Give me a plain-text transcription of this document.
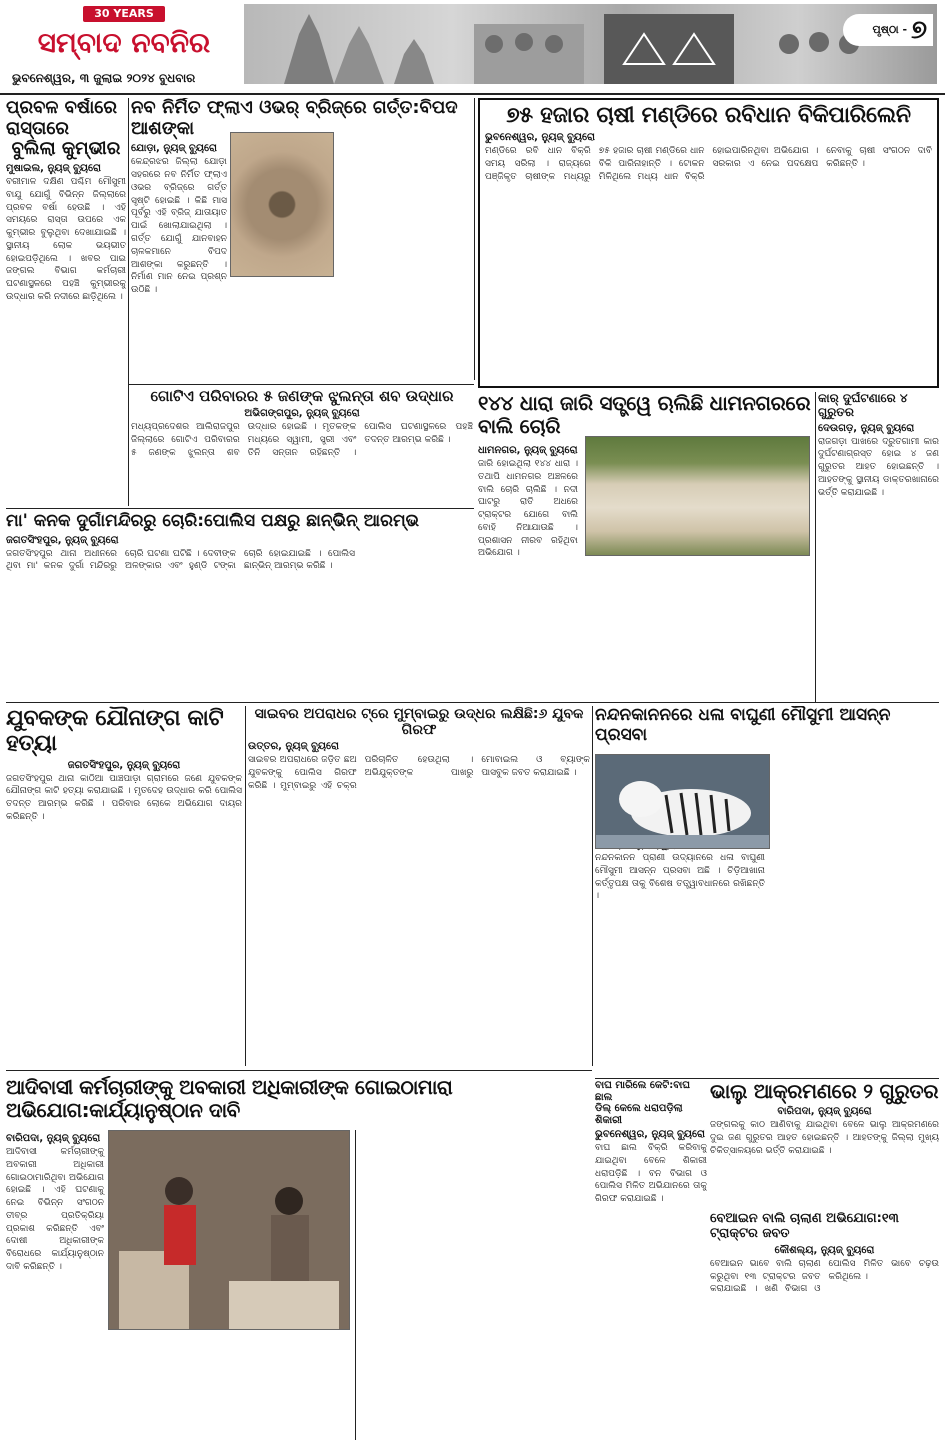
30 YEARS
ସମ୍ବାଦ ନବନିର
ଭୁବନେଶ୍ୱର, ୩ ଜୁଲାଇ ୨୦୨୪ ବୁଧବାର
ପୃଷ୍ଠା - ୭
ପ୍ରବଳ ବର୍ଷାରେ ରାସ୍ତାରେ
ବୁଲିଲା କୁମ୍ଭୀର
ମୁଷାଇଲ, ନ୍ୟୁଜ୍ ବ୍ୟୁରୋ
ବରୀମାଳ ଦକ୍ଷିଣ ପଶ୍ଚିମ ମୌସୁମୀ ବାଯୁ ଯୋଗୁଁ ବିଭିନ୍ନ ଜିଲ୍ଲାରେ ପ୍ରବଳ ବର୍ଷା ହେଉଛି । ଏହି ସମୟରେ ରାସ୍ତା ଉପରେ ଏକ କୁମ୍ଭୀର ବୁଲୁଥିବା ଦେଖାଯାଇଛି । ସ୍ଥାନୀୟ ଲୋକ ଭୟଭୀତ ହୋଇପଡ଼ିଥିଲେ । ଖବର ପାଇ ଜଙ୍ଗଲ ବିଭାଗ କର୍ମଚାରୀ ଘଟଣାସ୍ଥଳରେ ପହଞ୍ଚି କୁମ୍ଭୀରକୁ ଉଦ୍ଧାର କରି ନଦୀରେ ଛାଡ଼ିଥିଲେ ।
ନବ ନିର୍ମିତ ଫ୍ଲାଏ ଓଭର୍ ବ୍ରିଜ୍‌ରେ ଗର୍ତ୍ତ:ବିପଦ ଆଶଙ୍କା
ଯୋଡ଼ା, ନ୍ୟୁଜ୍ ବ୍ୟୁରୋ
କେନ୍ଦ୍ରଝର ଜିଲ୍ଲା ଯୋଡ଼ା ସହରରେ ନବ ନିର୍ମିତ ଫ୍ଲାଏ ଓଭର ବ୍ରିଜ୍‌ରେ ଗର୍ତ୍ତ ସୃଷ୍ଟି ହୋଇଛି । କିଛି ମାସ ପୂର୍ବରୁ ଏହି ବ୍ରିଜ୍ ଯାତାୟାତ ପାଇଁ ଖୋଲାଯାଇଥିଲା । ଗର୍ତ୍ତ ଯୋଗୁଁ ଯାନବାହନ ଚାଳକମାନେ ବିପଦ ଆଶଙ୍କା କରୁଛନ୍ତି । ନିର୍ମାଣ ମାନ ନେଇ ପ୍ରଶ୍ନ ଉଠିଛି ।
୭୫ ହଜାର ଚାଷୀ ମଣ୍ଡିରେ ରବିଧାନ ବିକିପାରିଲେନି
ଭୁବନେଶ୍ୱର, ନ୍ୟୁଜ୍ ବ୍ୟୁରୋ
ମଣ୍ଡିରେ ରବି ଧାନ ବିକ୍ରି ସମୟ ସରିଲା । ରାଜ୍ୟରେ ପଞ୍ଜିକୃତ ଚାଷୀଙ୍କ ମଧ୍ୟରୁ ୭୫ ହଜାର ଚାଷୀ ମଣ୍ଡିରେ ଧାନ ବିକି ପାରିନାହାନ୍ତି । ଟୋକନ ମିଳିଥିଲେ ମଧ୍ୟ ଧାନ ବିକ୍ରି ହୋଇପାରିନଥିବା ଅଭିଯୋଗ । ସରକାର ଏ ନେଇ ପଦକ୍ଷେପ ନେବାକୁ ଚାଷୀ ସଂଗଠନ ଦାବି କରିଛନ୍ତି ।
ଗୋଟିଏ ପରିବାରର ୫ ଜଣଙ୍କ ଝୁଲନ୍ତା ଶବ ଉଦ୍ଧାର
ଅଭିଗଙ୍ଗପୁର, ନ୍ୟୁଜ୍ ବ୍ୟୁରୋ
ମଧ୍ୟପ୍ରଦେଶର ଆଲିରାଜପୁର ଜିଲ୍ଲାରେ ଗୋଟିଏ ପରିବାରର ୫ ଜଣଙ୍କ ଝୁଲନ୍ତା ଶବ ଉଦ୍ଧାର ହୋଇଛି । ମୃତକଙ୍କ ମଧ୍ୟରେ ସ୍ୱାମୀ, ସ୍ତ୍ରୀ ଏବଂ ତିନି ସନ୍ତାନ ରହିଛନ୍ତି । ପୋଲିସ ଘଟଣାସ୍ଥଳରେ ପହଞ୍ଚି ତଦନ୍ତ ଆରମ୍ଭ କରିଛି ।
୧୪୪ ଧାରା ଜାରି ସତ୍ତ୍ୱେ ଋଲିଛି ଧାମନଗରରେ ବାଲି ଚୋରି
ଧାମନଗର, ନ୍ୟୁଜ୍ ବ୍ୟୁରୋ
ଜାରି ହୋଇଥିଲା ୧୪୪ ଧାରା । ତଥାପି ଧାମନଗର ଅଞ୍ଚଳରେ ବାଲି ଚୋରି ଚାଲିଛି । ନଦୀ ଘାଟରୁ ରାତି ଅଧରେ ଟ୍ରାକ୍ଟର ଯୋଗେ ବାଲି ବୋହି ନିଆଯାଉଛି । ପ୍ରଶାସନ ନୀରବ ରହିଥିବା ଅଭିଯୋଗ ।
କାର୍ ଦୁର୍ଘଟଣାରେ ୪ ଗୁରୁତର
ଦେଉଗଡ଼, ନ୍ୟୁଜ୍ ବ୍ୟୁରୋ
ରାଜଗଡ଼ା ପାଖରେ ଦ୍ରୁତଗାମୀ କାର ଦୁର୍ଘଟଣାଗ୍ରସ୍ତ ହୋଇ ୪ ଜଣ ଗୁରୁତର ଆହତ ହୋଇଛନ୍ତି । ଆହତଙ୍କୁ ସ୍ଥାନୀୟ ଡାକ୍ତରଖାନାରେ ଭର୍ତ୍ତି କରାଯାଇଛି ।
ମା' କନକ ଦୁର୍ଗାମନ୍ଦିରରୁ ଚୋରି:ପୋଲିସ ପକ୍ଷରୁ ଛାନ୍‌ଭିନ୍ ଆରମ୍ଭ
ଜଗତସିଂହପୁର, ନ୍ୟୁଜ୍ ବ୍ୟୁରୋ
ଜଗତସିଂହପୁର ଥାନା ଅଧୀନରେ ଥିବା ମା' କନକ ଦୁର୍ଗା ମନ୍ଦିରରୁ ଚୋରି ଘଟଣା ଘଟିଛି । ଦେବୀଙ୍କ ଅଳଙ୍କାର ଏବଂ ହୁଣ୍ଡି ଟଙ୍କା ଚୋରି ହୋଇଯାଇଛି । ପୋଲିସ ଛାନ୍‌ଭିନ୍ ଆରମ୍ଭ କରିଛି ।
ଯୁବକଙ୍କ ଯୌନାଙ୍ଗ କାଟି ହତ୍ୟା
ଜଗତସିଂହପୁର, ନ୍ୟୁଜ୍ ବ୍ୟୁରୋ
ଜଗତସିଂହପୁର ଥାନା କାଠିଆ ପାଞ୍ଚପାଡ଼ା ଗ୍ରାମରେ ଜଣେ ଯୁବକଙ୍କ ଯୌନାଙ୍ଗ କାଟି ହତ୍ୟା କରାଯାଇଛି । ମୃତଦେହ ଉଦ୍ଧାର କରି ପୋଲିସ ତଦନ୍ତ ଆରମ୍ଭ କରିଛି । ପରିବାର ଲୋକେ ଅଭିଯୋଗ ଦାୟର କରିଛନ୍ତି ।
ସାଇବର ଅପରାଧର ଟ୍ରେ ମୁମ୍ବାଇରୁ ଉଦ୍ଧର ଲକ୍ଷିଛି:୬ ଯୁବକ ଗିରଫ
ଉତ୍ତର, ନ୍ୟୁଜ୍ ବ୍ୟୁରୋ
ସାଇବର ଅପରାଧରେ ଜଡ଼ିତ ଛଅ ଯୁବକଙ୍କୁ ପୋଲିସ ଗିରଫ କରିଛି । ମୁମ୍ବାଇରୁ ଏହି ଚକ୍ର ପରିଚାଳିତ ହେଉଥିଲା । ଅଭିଯୁକ୍ତଙ୍କ ପାଖରୁ ମୋବାଇଲ ଓ ବ୍ୟାଙ୍କ ପାସବୁକ ଜବତ କରାଯାଇଛି ।
ନନ୍ଦନକାନନରେ ଧଳା ବାଘୁଣୀ ମୌସୁମୀ ଆସନ୍ନ ପ୍ରସବା
ନନ୍ଦନକାନନ ପ୍ରାଣୀ ଉଦ୍ୟାନରେ ଧଳା ବାଘୁଣୀ ମୌସୁମୀ ଆସନ୍ନ ପ୍ରସବା ଅଛି । ଚିଡ଼ିଆଖାନା କର୍ତ୍ତୃପକ୍ଷ ତାକୁ ବିଶେଷ ତତ୍ତ୍ୱାବଧାନରେ ରଖିଛନ୍ତି ।
ବାଘ ମାରିଲେ କେଟି:ବାଘ ଛାଲ
ଡିଲ୍ କେଲେ ଧରାପଡ଼ିଲା ଶିକାରୀ
ଭୁବନେଶ୍ୱର, ନ୍ୟୁଜ୍ ବ୍ୟୁରୋ
ବାଘ ଛାଲ ବିକ୍ରି କରିବାକୁ ଯାଇଥିବା ବେଳେ ଶିକାରୀ ଧରାପଡ଼ିଛି । ବନ ବିଭାଗ ଓ ପୋଲିସ ମିଳିତ ଅଭିଯାନରେ ତାକୁ ଗିରଫ କରାଯାଇଛି ।
ଭାଲୁ ଆକ୍ରମଣରେ ୨ ଗୁରୁତର
ବାରିପଦା, ନ୍ୟୁଜ୍ ବ୍ୟୁରୋ
ଜଙ୍ଗଲକୁ କାଠ ଆଣିବାକୁ ଯାଇଥିବା ବେଳେ ଭାଲୁ ଆକ୍ରମଣରେ ଦୁଇ ଜଣ ଗୁରୁତର ଆହତ ହୋଇଛନ୍ତି । ଆହତଙ୍କୁ ଜିଲ୍ଲା ମୁଖ୍ୟ ଚିକିତ୍ସାଳୟରେ ଭର୍ତ୍ତି କରାଯାଇଛି ।
ଆଦିବାସୀ କର୍ମଚାରୀଙ୍କୁ ଅବକାରୀ ଅଧିକାରୀଙ୍କ ଗୋଇଠାମାରା ଅଭିଯୋଗ:କାର୍ଯ୍ୟାନୁଷ୍ଠାନ ଦାବି
ବାରିପଦା, ନ୍ୟୁଜ୍ ବ୍ୟୁରୋ
ଆଦିବାସୀ କର୍ମଚାରୀଙ୍କୁ ଅବକାରୀ ଅଧିକାରୀ ଗୋଇଠାମାରିଥିବା ଅଭିଯୋଗ ହୋଇଛି । ଏହି ଘଟଣାକୁ ନେଇ ବିଭିନ୍ନ ସଂଗଠନ ତୀବ୍ର ପ୍ରତିକ୍ରିୟା ପ୍ରକାଶ କରିଛନ୍ତି ଏବଂ ଦୋଷୀ ଅଧିକାରୀଙ୍କ ବିରୋଧରେ କାର୍ଯ୍ୟାନୁଷ୍ଠାନ ଦାବି କରିଛନ୍ତି ।
ବେଆଇନ ବାଲି ଚାଲାଣ ଅଭିଯୋଗ:୧୩ ଟ୍ରାକ୍ଟର ଜବତ
କୌଶଲ୍ୟ, ନ୍ୟୁଜ୍ ବ୍ୟୁରୋ
ବେଆଇନ ଭାବେ ବାଲି ଚାଲାଣ କରୁଥିବା ୧୩ ଟ୍ରାକ୍ଟର ଜବତ କରାଯାଇଛି । ଖଣି ବିଭାଗ ଓ ପୋଲିସ ମିଳିତ ଭାବେ ଚଢ଼ଉ କରିଥିଲେ ।
